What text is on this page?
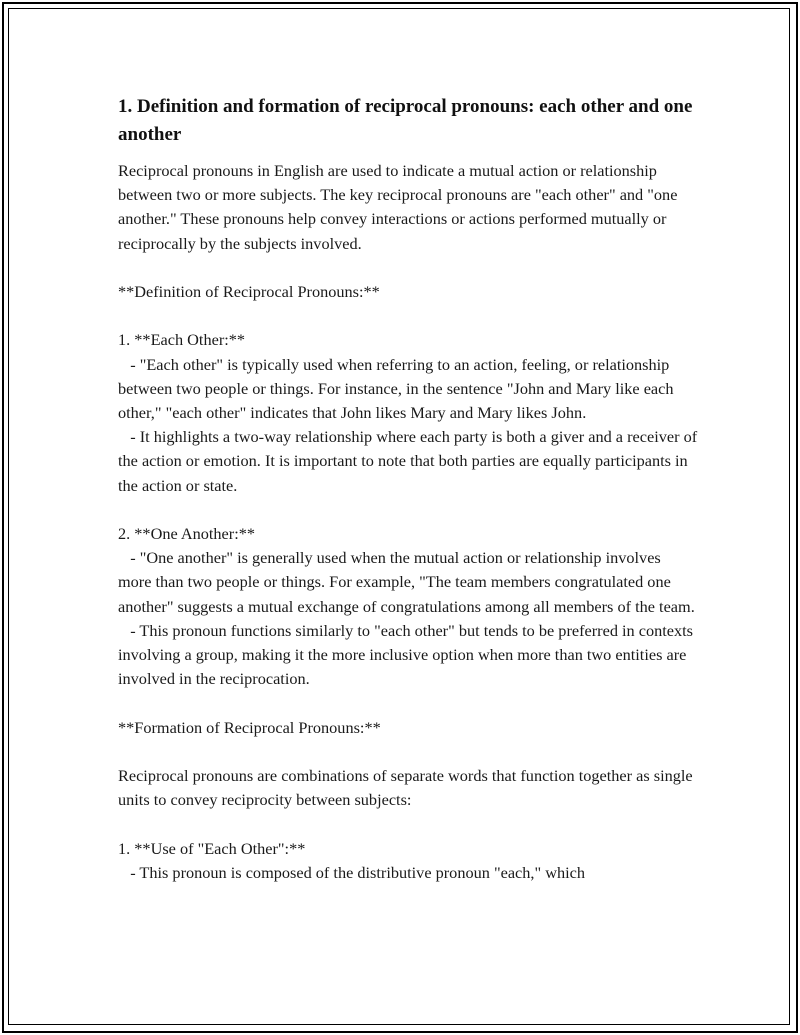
1. Definition and formation of reciprocal pronouns: each other and one another

Reciprocal pronouns in English are used to indicate a mutual action or relationship between two or more subjects. The key reciprocal pronouns are "each other" and "one another." These pronouns help convey interactions or actions performed mutually or reciprocally by the subjects involved.

**Definition of Reciprocal Pronouns:**

1. **Each Other:**
- "Each other" is typically used when referring to an action, feeling, or relationship between two people or things. For instance, in the sentence "John and Mary like each other," "each other" indicates that John likes Mary and Mary likes John.
- It highlights a two-way relationship where each party is both a giver and a receiver of the action or emotion. It is important to note that both parties are equally participants in the action or state.

2. **One Another:**
- "One another" is generally used when the mutual action or relationship involves more than two people or things. For example, "The team members congratulated one another" suggests a mutual exchange of congratulations among all members of the team.
- This pronoun functions similarly to "each other" but tends to be preferred in contexts involving a group, making it the more inclusive option when more than two entities are involved in the reciprocation.

**Formation of Reciprocal Pronouns:**

Reciprocal pronouns are combinations of separate words that function together as single units to convey reciprocity between subjects:

1. **Use of "Each Other":**
- This pronoun is composed of the distributive pronoun "each," which
